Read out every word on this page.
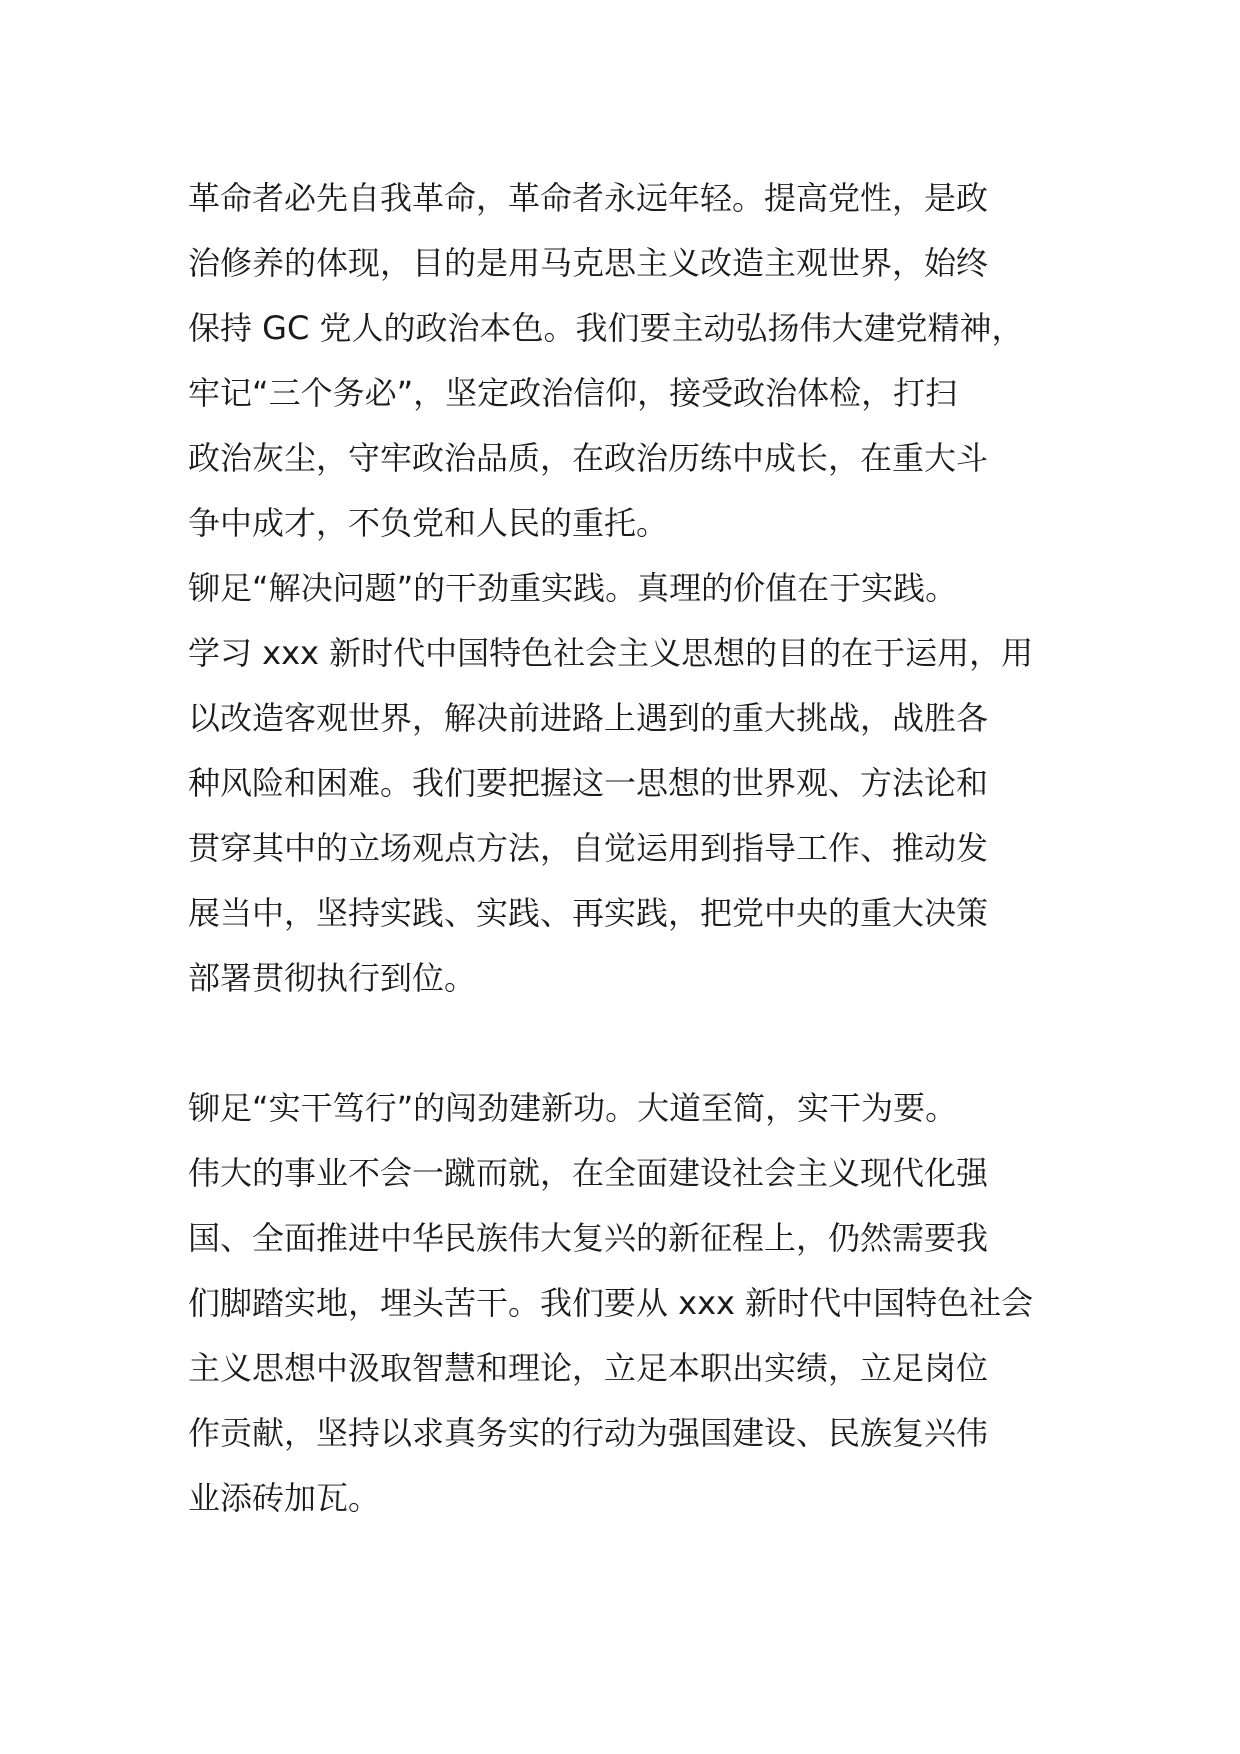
革命者必先自我革命，革命者永远年轻。提高党性，是政
治修养的体现，目的是用马克思主义改造主观世界，始终
保持 GC 党人的政治本色。我们要主动弘扬伟大建党精神，
牢记“三个务必”，坚定政治信仰，接受政治体检，打扫
政治灰尘，守牢政治品质，在政治历练中成长，在重大斗
争中成才，不负党和人民的重托。
铆足“解决问题”的干劲重实践。真理的价值在于实践。
学习 xxx 新时代中国特色社会主义思想的目的在于运用，用
以改造客观世界，解决前进路上遇到的重大挑战，战胜各
种风险和困难。我们要把握这一思想的世界观、方法论和
贯穿其中的立场观点方法，自觉运用到指导工作、推动发
展当中，坚持实践、实践、再实践，把党中央的重大决策
部署贯彻执行到位。
铆足“实干笃行”的闯劲建新功。大道至简，实干为要。
伟大的事业不会一蹴而就，在全面建设社会主义现代化强
国、全面推进中华民族伟大复兴的新征程上，仍然需要我
们脚踏实地，埋头苦干。我们要从 xxx 新时代中国特色社会
主义思想中汲取智慧和理论，立足本职出实绩，立足岗位
作贡献，坚持以求真务实的行动为强国建设、民族复兴伟
业添砖加瓦。
